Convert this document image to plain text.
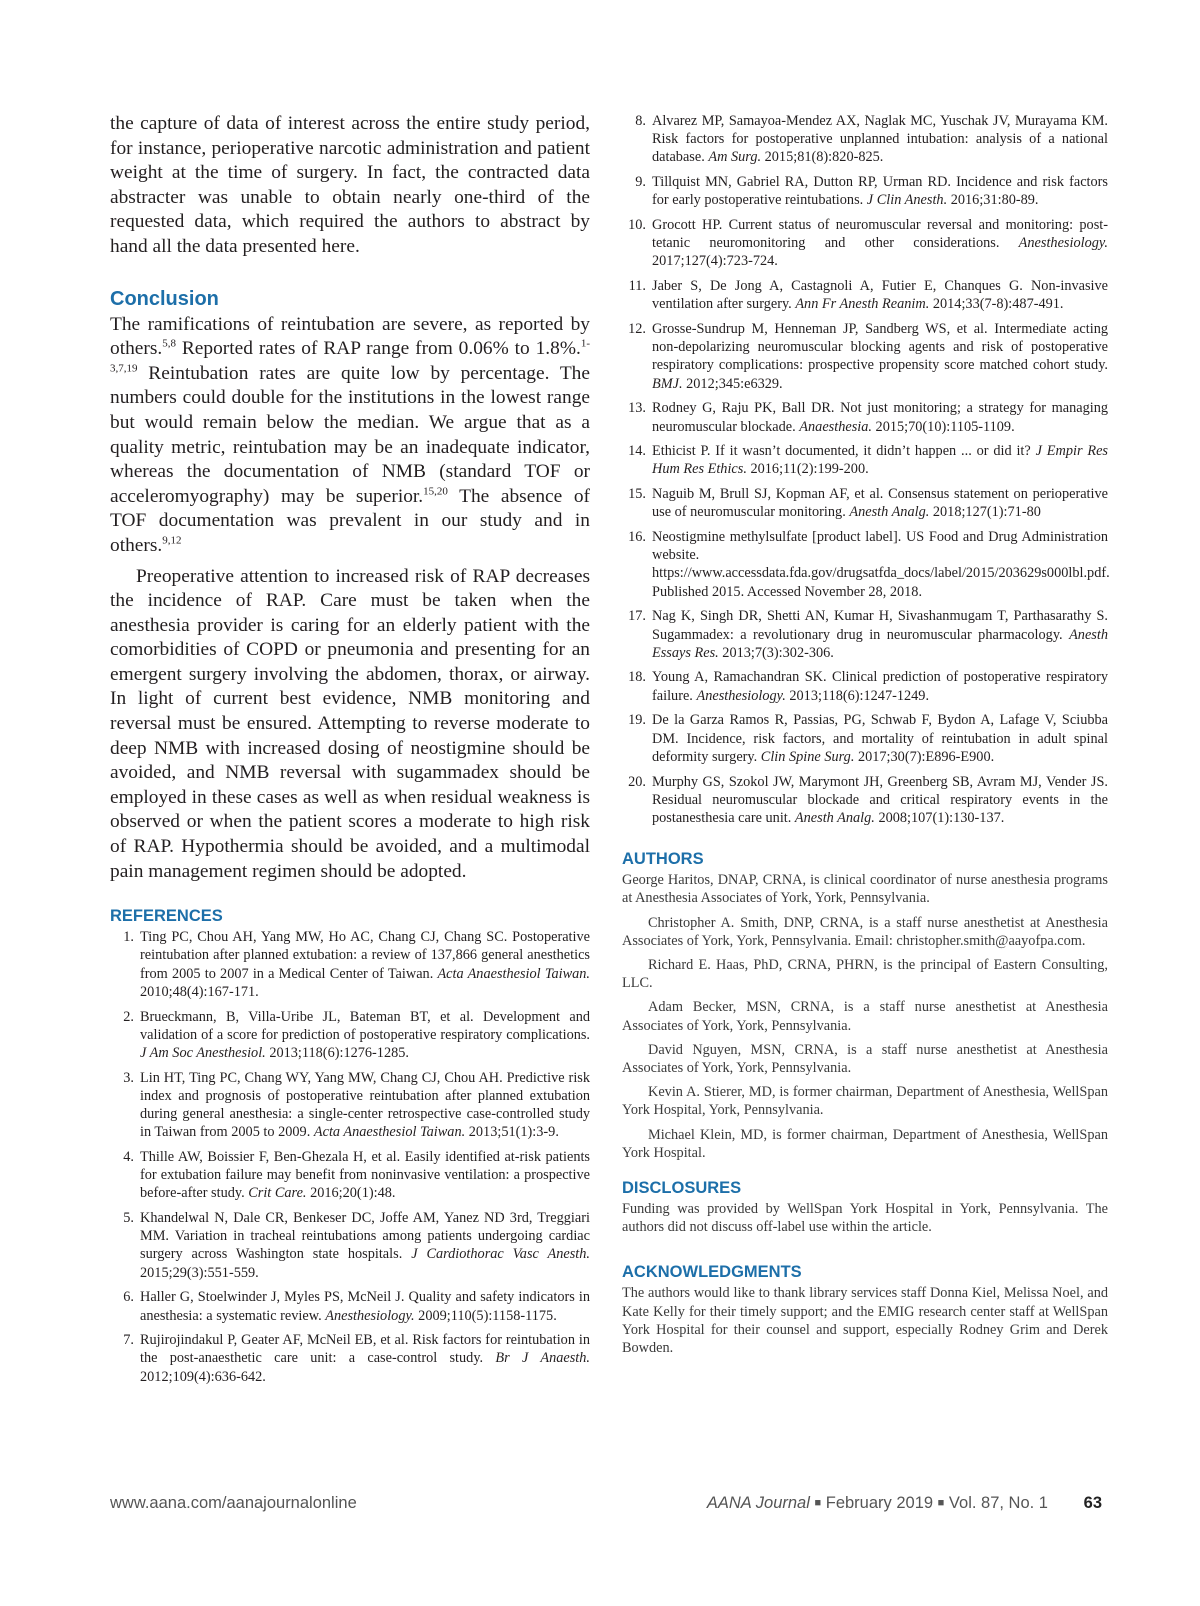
the capture of data of interest across the entire study period, for instance, perioperative narcotic administration and patient weight at the time of surgery. In fact, the contracted data abstracter was unable to obtain nearly one-third of the requested data, which required the authors to abstract by hand all the data presented here.

Conclusion

The ramifications of reintubation are severe, as reported by others.$^{5,8}$ Reported rates of RAP range from 0.06% to 1.8%.$^{1-3,7,19}$ Reintubation rates are quite low by percentage. The numbers could double for the institutions in the lowest range but would remain below the median. We argue that as a quality metric, reintubation may be an inadequate indicator, whereas the documentation of NMB (standard TOF or acceleromyography) may be superior.$^{15,20}$ The absence of TOF documentation was prevalent in our study and in others.$^{9,12}$

Preoperative attention to increased risk of RAP decreases the incidence of RAP. Care must be taken when the anesthesia provider is caring for an elderly patient with the comorbidities of COPD or pneumonia and presenting for an emergent surgery involving the abdomen, thorax, or airway. In light of current best evidence, NMB monitoring and reversal must be ensured. Attempting to reverse moderate to deep NMB with increased dosing of neostigmine should be avoided, and NMB reversal with sugammadex should be employed in these cases as well as when residual weakness is observed or when the patient scores a moderate to high risk of RAP. Hypothermia should be avoided, and a multimodal pain management regimen should be adopted.

REFERENCES
1. Ting PC, Chou AH, Yang MW, Ho AC, Chang CJ, Chang SC. Postoperative reintubation after planned extubation: a review of 137,866 general anesthetics from 2005 to 2007 in a Medical Center of Taiwan. Acta Anaesthesiol Taiwan. 2010;48(4):167-171.
2. Brueckmann, B, Villa-Uribe JL, Bateman BT, et al. Development and validation of a score for prediction of postoperative respiratory complications. J Am Soc Anesthesiol. 2013;118(6):1276-1285.
3. Lin HT, Ting PC, Chang WY, Yang MW, Chang CJ, Chou AH. Predictive risk index and prognosis of postoperative reintubation after planned extubation during general anesthesia: a single-center retrospective case-controlled study in Taiwan from 2005 to 2009. Acta Anaesthesiol Taiwan. 2013;51(1):3-9.
4. Thille AW, Boissier F, Ben-Ghezala H, et al. Easily identified at-risk patients for extubation failure may benefit from noninvasive ventilation: a prospective before-after study. Crit Care. 2016;20(1):48.
5. Khandelwal N, Dale CR, Benkeser DC, Joffe AM, Yanez ND 3rd, Treggiari MM. Variation in tracheal reintubations among patients undergoing cardiac surgery across Washington state hospitals. J Cardiothorac Vasc Anesth. 2015;29(3):551-559.
6. Haller G, Stoelwinder J, Myles PS, McNeil J. Quality and safety indicators in anesthesia: a systematic review. Anesthesiology. 2009;110(5):1158-1175.
7. Rujirojindakul P, Geater AF, McNeil EB, et al. Risk factors for reintubation in the post-anaesthetic care unit: a case-control study. Br J Anaesth. 2012;109(4):636-642.
8. Alvarez MP, Samayoa-Mendez AX, Naglak MC, Yuschak JV, Murayama KM. Risk factors for postoperative unplanned intubation: analysis of a national database. Am Surg. 2015;81(8):820-825.
9. Tillquist MN, Gabriel RA, Dutton RP, Urman RD. Incidence and risk factors for early postoperative reintubations. J Clin Anesth. 2016;31:80-89.
10. Grocott HP. Current status of neuromuscular reversal and monitoring: post-tetanic neuromonitoring and other considerations. Anesthesiology. 2017;127(4):723-724.
11. Jaber S, De Jong A, Castagnoli A, Futier E, Chanques G. Non-invasive ventilation after surgery. Ann Fr Anesth Reanim. 2014;33(7-8):487-491.
12. Grosse-Sundrup M, Henneman JP, Sandberg WS, et al. Intermediate acting non-depolarizing neuromuscular blocking agents and risk of postoperative respiratory complications: prospective propensity score matched cohort study. BMJ. 2012;345:e6329.
13. Rodney G, Raju PK, Ball DR. Not just monitoring; a strategy for managing neuromuscular blockade. Anaesthesia. 2015;70(10):1105-1109.
14. Ethicist P. If it wasn’t documented, it didn’t happen ... or did it? J Empir Res Hum Res Ethics. 2016;11(2):199-200.
15. Naguib M, Brull SJ, Kopman AF, et al. Consensus statement on perioperative use of neuromuscular monitoring. Anesth Analg. 2018;127(1):71-80
16. Neostigmine methylsulfate [product label]. US Food and Drug Administration website. https://www.accessdata.fda.gov/drugsatfda_docs/label/2015/203629s000lbl.pdf. Published 2015. Accessed November 28, 2018.
17. Nag K, Singh DR, Shetti AN, Kumar H, Sivashanmugam T, Parthasarathy S. Sugammadex: a revolutionary drug in neuromuscular pharmacology. Anesth Essays Res. 2013;7(3):302-306.
18. Young A, Ramachandran SK. Clinical prediction of postoperative respiratory failure. Anesthesiology. 2013;118(6):1247-1249.
19. De la Garza Ramos R, Passias, PG, Schwab F, Bydon A, Lafage V, Sciubba DM. Incidence, risk factors, and mortality of reintubation in adult spinal deformity surgery. Clin Spine Surg. 2017;30(7):E896-E900.
20. Murphy GS, Szokol JW, Marymont JH, Greenberg SB, Avram MJ, Vender JS. Residual neuromuscular blockade and critical respiratory events in the postanesthesia care unit. Anesth Analg. 2008;107(1):130-137.
AUTHORS

George Haritos, DNAP, CRNA, is clinical coordinator of nurse anesthesia programs at Anesthesia Associates of York, York, Pennsylvania.

Christopher A. Smith, DNP, CRNA, is a staff nurse anesthetist at Anesthesia Associates of York, York, Pennsylvania. Email: christopher.smith@aayofpa.com.

Richard E. Haas, PhD, CRNA, PHRN, is the principal of Eastern Consulting, LLC.

Adam Becker, MSN, CRNA, is a staff nurse anesthetist at Anesthesia Associates of York, York, Pennsylvania.

David Nguyen, MSN, CRNA, is a staff nurse anesthetist at Anesthesia Associates of York, York, Pennsylvania.

Kevin A. Stierer, MD, is former chairman, Department of Anesthesia, WellSpan York Hospital, York, Pennsylvania.

Michael Klein, MD, is former chairman, Department of Anesthesia, WellSpan York Hospital.

DISCLOSURES

Funding was provided by WellSpan York Hospital in York, Pennsylvania. The authors did not discuss off-label use within the article.

ACKNOWLEDGMENTS

The authors would like to thank library services staff Donna Kiel, Melissa Noel, and Kate Kelly for their timely support; and the EMIG research center staff at WellSpan York Hospital for their counsel and support, especially Rodney Grim and Derek Bowden.

www.aana.com/aanajournalonline	AANA Journal ■ February 2019 ■ Vol. 87, No. 1 63
